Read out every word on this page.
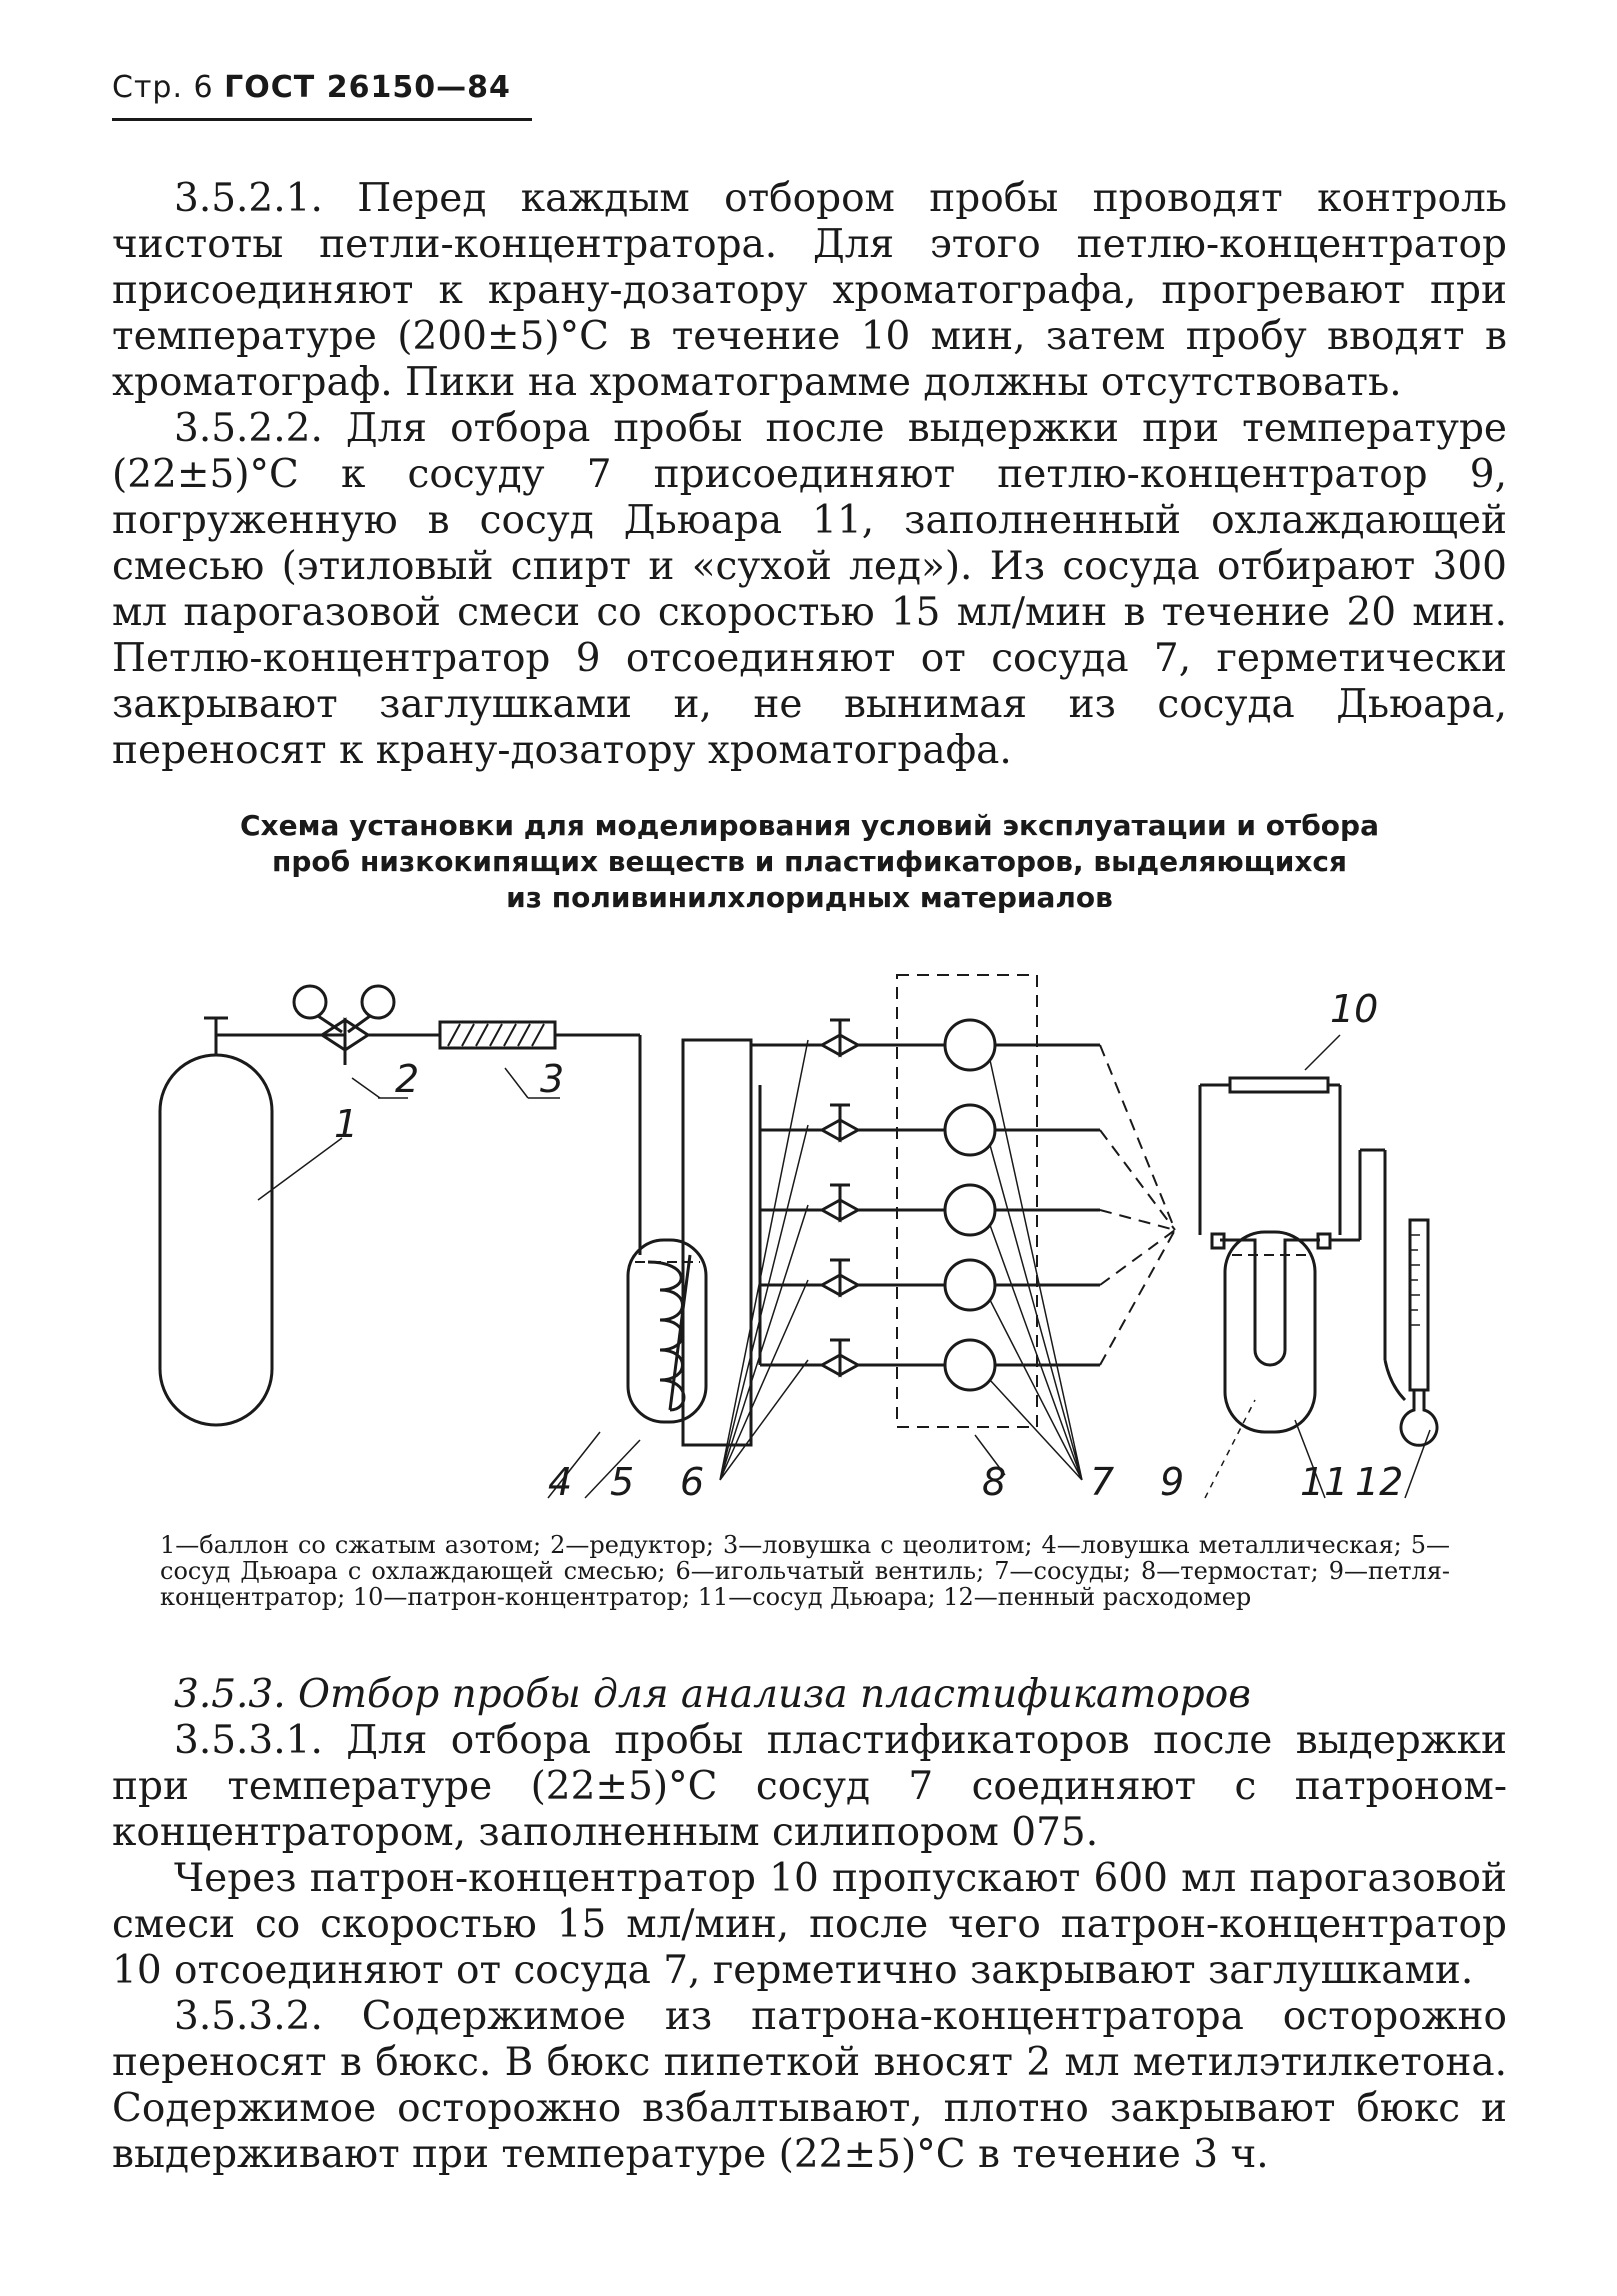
Стр. 6 ГОСТ 26150—84

3.5.2.1. Перед каждым отбором пробы проводят контроль чистоты петли-концентратора. Для этого петлю-концентратор присоединяют к крану-дозатору хроматографа, прогревают при температуре (200±5)°С в течение 10 мин, затем пробу вводят в хроматограф. Пики на хроматограмме должны отсутствовать.

3.5.2.2. Для отбора пробы после выдержки при температуре (22±5)°С к сосуду 7 присоединяют петлю-концентратор 9, погруженную в сосуд Дьюара 11, заполненный охлаждающей смесью (этиловый спирт и «сухой лед»). Из сосуда отбирают 300 мл парогазовой смеси со скоростью 15 мл/мин в течение 20 мин. Петлю-концентратор 9 отсоединяют от сосуда 7, герметически закрывают заглушками и, не вынимая из сосуда Дьюара, переносят к крану-дозатору хроматографа.

Схема установки для моделирования условий эксплуатации и отбора
проб низкокипящих веществ и пластификаторов, выделяющихся
из поливинилхлоридных материалов
1
2	3
4 5 6	7
8	9
10
11 12
1—баллон со сжатым азотом; 2—редуктор; 3—ловушка с цеолитом; 4—ловушка металлическая; 5—сосуд Дьюара с охлаждающей смесью; 6—игольчатый вентиль; 7—сосуды; 8—термостат; 9—петля-концентратор; 10—патрон-концентратор; 11—сосуд Дьюара; 12—пенный расходомер

3.5.3. Отбор пробы для анализа пластификаторов

3.5.3.1. Для отбора пробы пластификаторов после выдержки при температуре (22±5)°С сосуд 7 соединяют с патроном-концентратором, заполненным силипором 075.

Через патрон-концентратор 10 пропускают 600 мл парогазовой смеси со скоростью 15 мл/мин, после чего патрон-концентратор 10 отсоединяют от сосуда 7, герметично закрывают заглушками.

3.5.3.2. Содержимое из патрона-концентратора осторожно переносят в бюкс. В бюкс пипеткой вносят 2 мл метилэтилкетона. Содержимое осторожно взбалтывают, плотно закрывают бюкс и выдерживают при температуре (22±5)°С в течение 3 ч.
